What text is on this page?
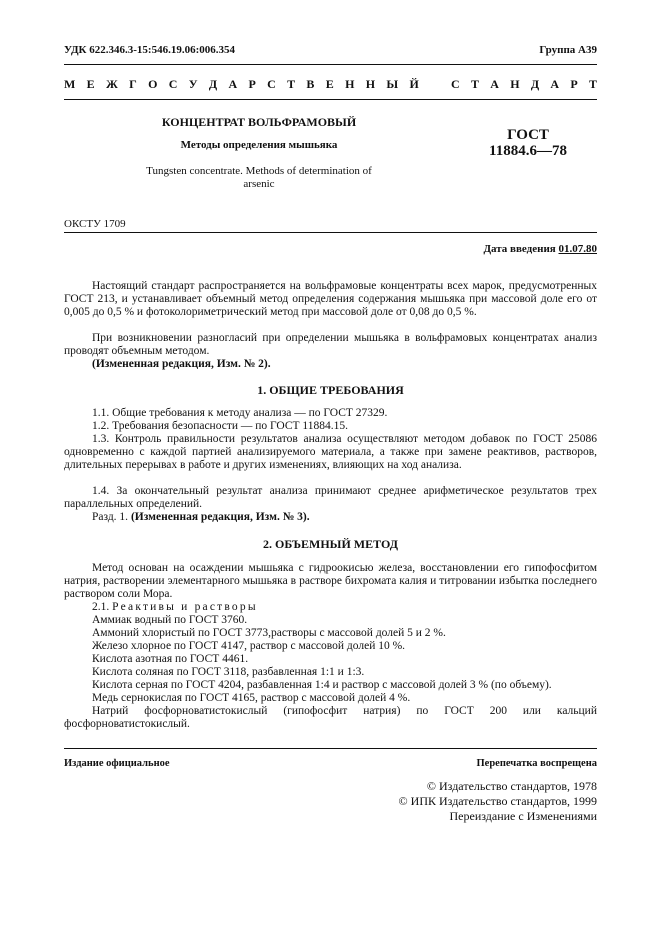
УДК 622.346.3-15:546.19.06:006.354	Группа А39
М Е Ж Г О С У Д А Р С Т В Е Н Н Ы Й	С Т А Н Д А Р Т
КОНЦЕНТРАТ ВОЛЬФРАМОВЫЙ
Методы определения мышьяка
Tungsten concentrate. Methods of determination of
arsenic
ГОСТ
11884.6—78
ОКСТУ 1709
Дата введения 01.07.80

Настоящий стандарт распространяется на вольфрамовые концентраты всех марок, предусмотренных ГОСТ 213, и устанавливает объемный метод определения содержания мышьяка при массовой доле его от 0,005 до 0,5 % и фотоколориметрический метод при массовой доле от 0,08 до 0,5 %.

При возникновении разногласий при определении мышьяка в вольфрамовых концентратах анализ проводят объемным методом.

(Измененная редакция, Изм. № 2).

1. ОБЩИЕ ТРЕБОВАНИЯ

1.1. Общие требования к методу анализа — по ГОСТ 27329.

1.2. Требования безопасности — по ГОСТ 11884.15.

1.3. Контроль правильности результатов анализа осуществляют методом добавок по ГОСТ 25086 одновременно с каждой партией анализируемого материала, а также при замене реактивов, растворов, длительных перерывах в работе и других изменениях, влияющих на ход анализа.

1.4. За окончательный результат анализа принимают среднее арифметическое результатов трех параллельных определений.

Разд. 1. (Измененная редакция, Изм. № 3).

2. ОБЪЕМНЫЙ МЕТОД

Метод основан на осаждении мышьяка с гидроокисью железа, восстановлении его гипофосфитом натрия, растворении элементарного мышьяка в растворе бихромата калия и титровании избытка последнего раствором соли Мора.

2.1. Реактивы и растворы

Аммиак водный по ГОСТ 3760.

Аммоний хлористый по ГОСТ 3773,растворы с массовой долей 5 и 2 %.

Железо хлорное по ГОСТ 4147, раствор с массовой долей 10 %.

Кислота азотная по ГОСТ 4461.

Кислота соляная по ГОСТ 3118, разбавленная 1:1 и 1:3.

Кислота серная по ГОСТ 4204, разбавленная 1:4 и раствор с массовой долей 3 % (по объему).

Медь сернокислая по ГОСТ 4165, раствор с массовой долей 4 %.

Натрий фосфорноватистокислый (гипофосфит натрия) по ГОСТ 200 или кальций фосфорноватистокислый.

Издание официальное	Перепечатка воспрещена
© Издательство стандартов, 1978
© ИПК Издательство стандартов, 1999
Переиздание с Изменениями
